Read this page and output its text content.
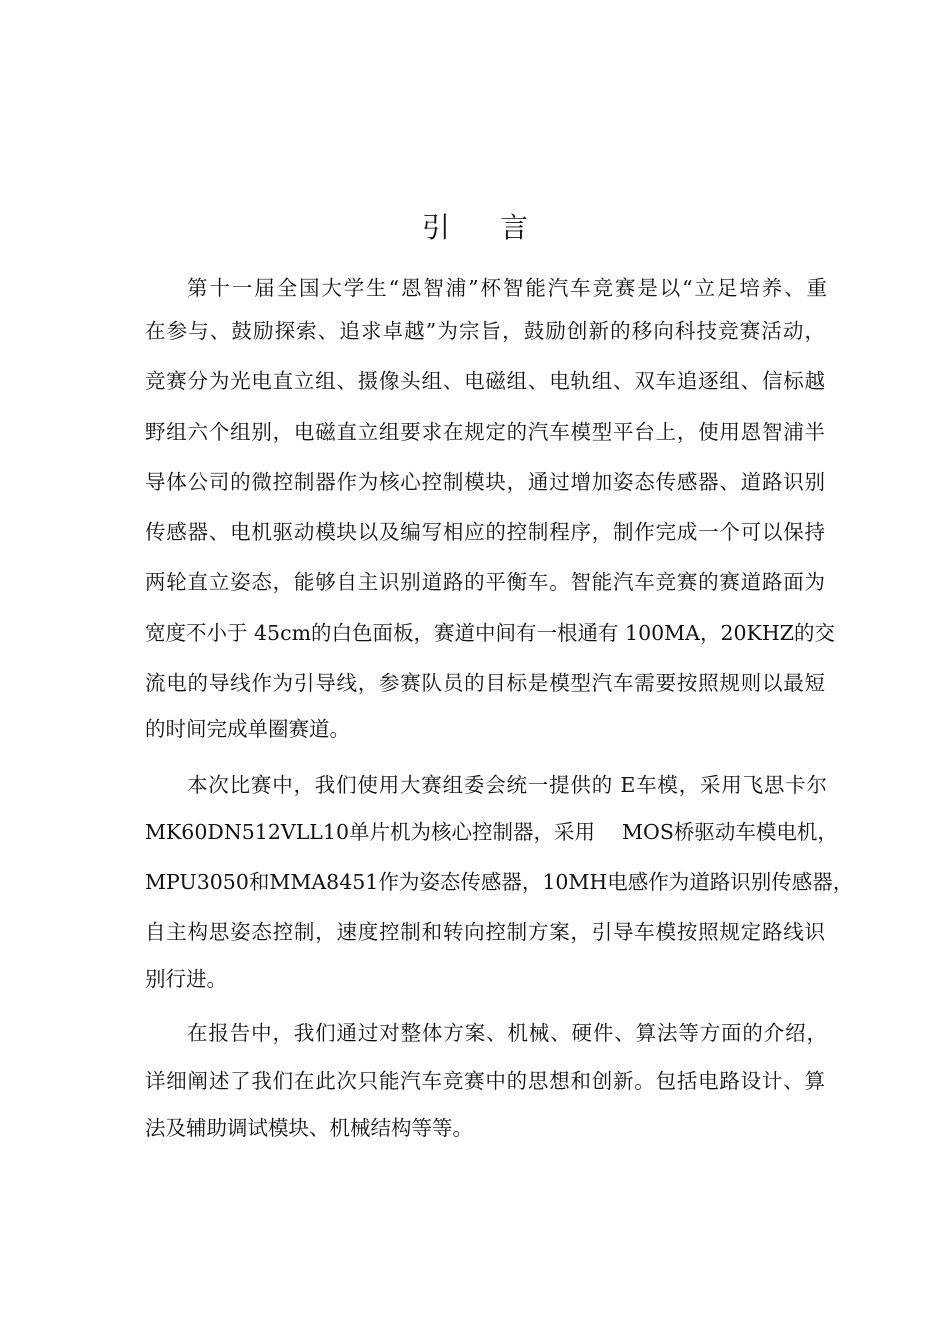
引言

第十一届全国大学生“恩智浦”杯智能汽车竞赛是以“立足培养、重

在参与、鼓励探索、追求卓越”为宗旨，鼓励创新的移向科技竞赛活动，

竞赛分为光电直立组、摄像头组、电磁组、电轨组、双车追逐组、信标越

野组六个组别，电磁直立组要求在规定的汽车模型平台上，使用恩智浦半

导体公司的微控制器作为核心控制模块，通过增加姿态传感器、道路识别

传感器、电机驱动模块以及编写相应的控制程序，制作完成一个可以保持

两轮直立姿态，能够自主识别道路的平衡车。智能汽车竞赛的赛道路面为

宽度不小于 45cm的白色面板，赛道中间有一根通有 100MA，20KHZ的交

流电的导线作为引导线，参赛队员的目标是模型汽车需要按照规则以最短

的时间完成单圈赛道。

本次比赛中，我们使用大赛组委会统一提供的 E车模，采用飞思卡尔

MK60DN512VLL10单片机为核心控制器，采用　 MOS桥驱动车模电机，

MPU3050和MMA8451作为姿态传感器，10MH电感作为道路识别传感器，

自主构思姿态控制，速度控制和转向控制方案，引导车模按照规定路线识

别行进。

在报告中，我们通过对整体方案、机械、硬件、算法等方面的介绍，

详细阐述了我们在此次只能汽车竞赛中的思想和创新。包括电路设计、算

法及辅助调试模块、机械结构等等。
